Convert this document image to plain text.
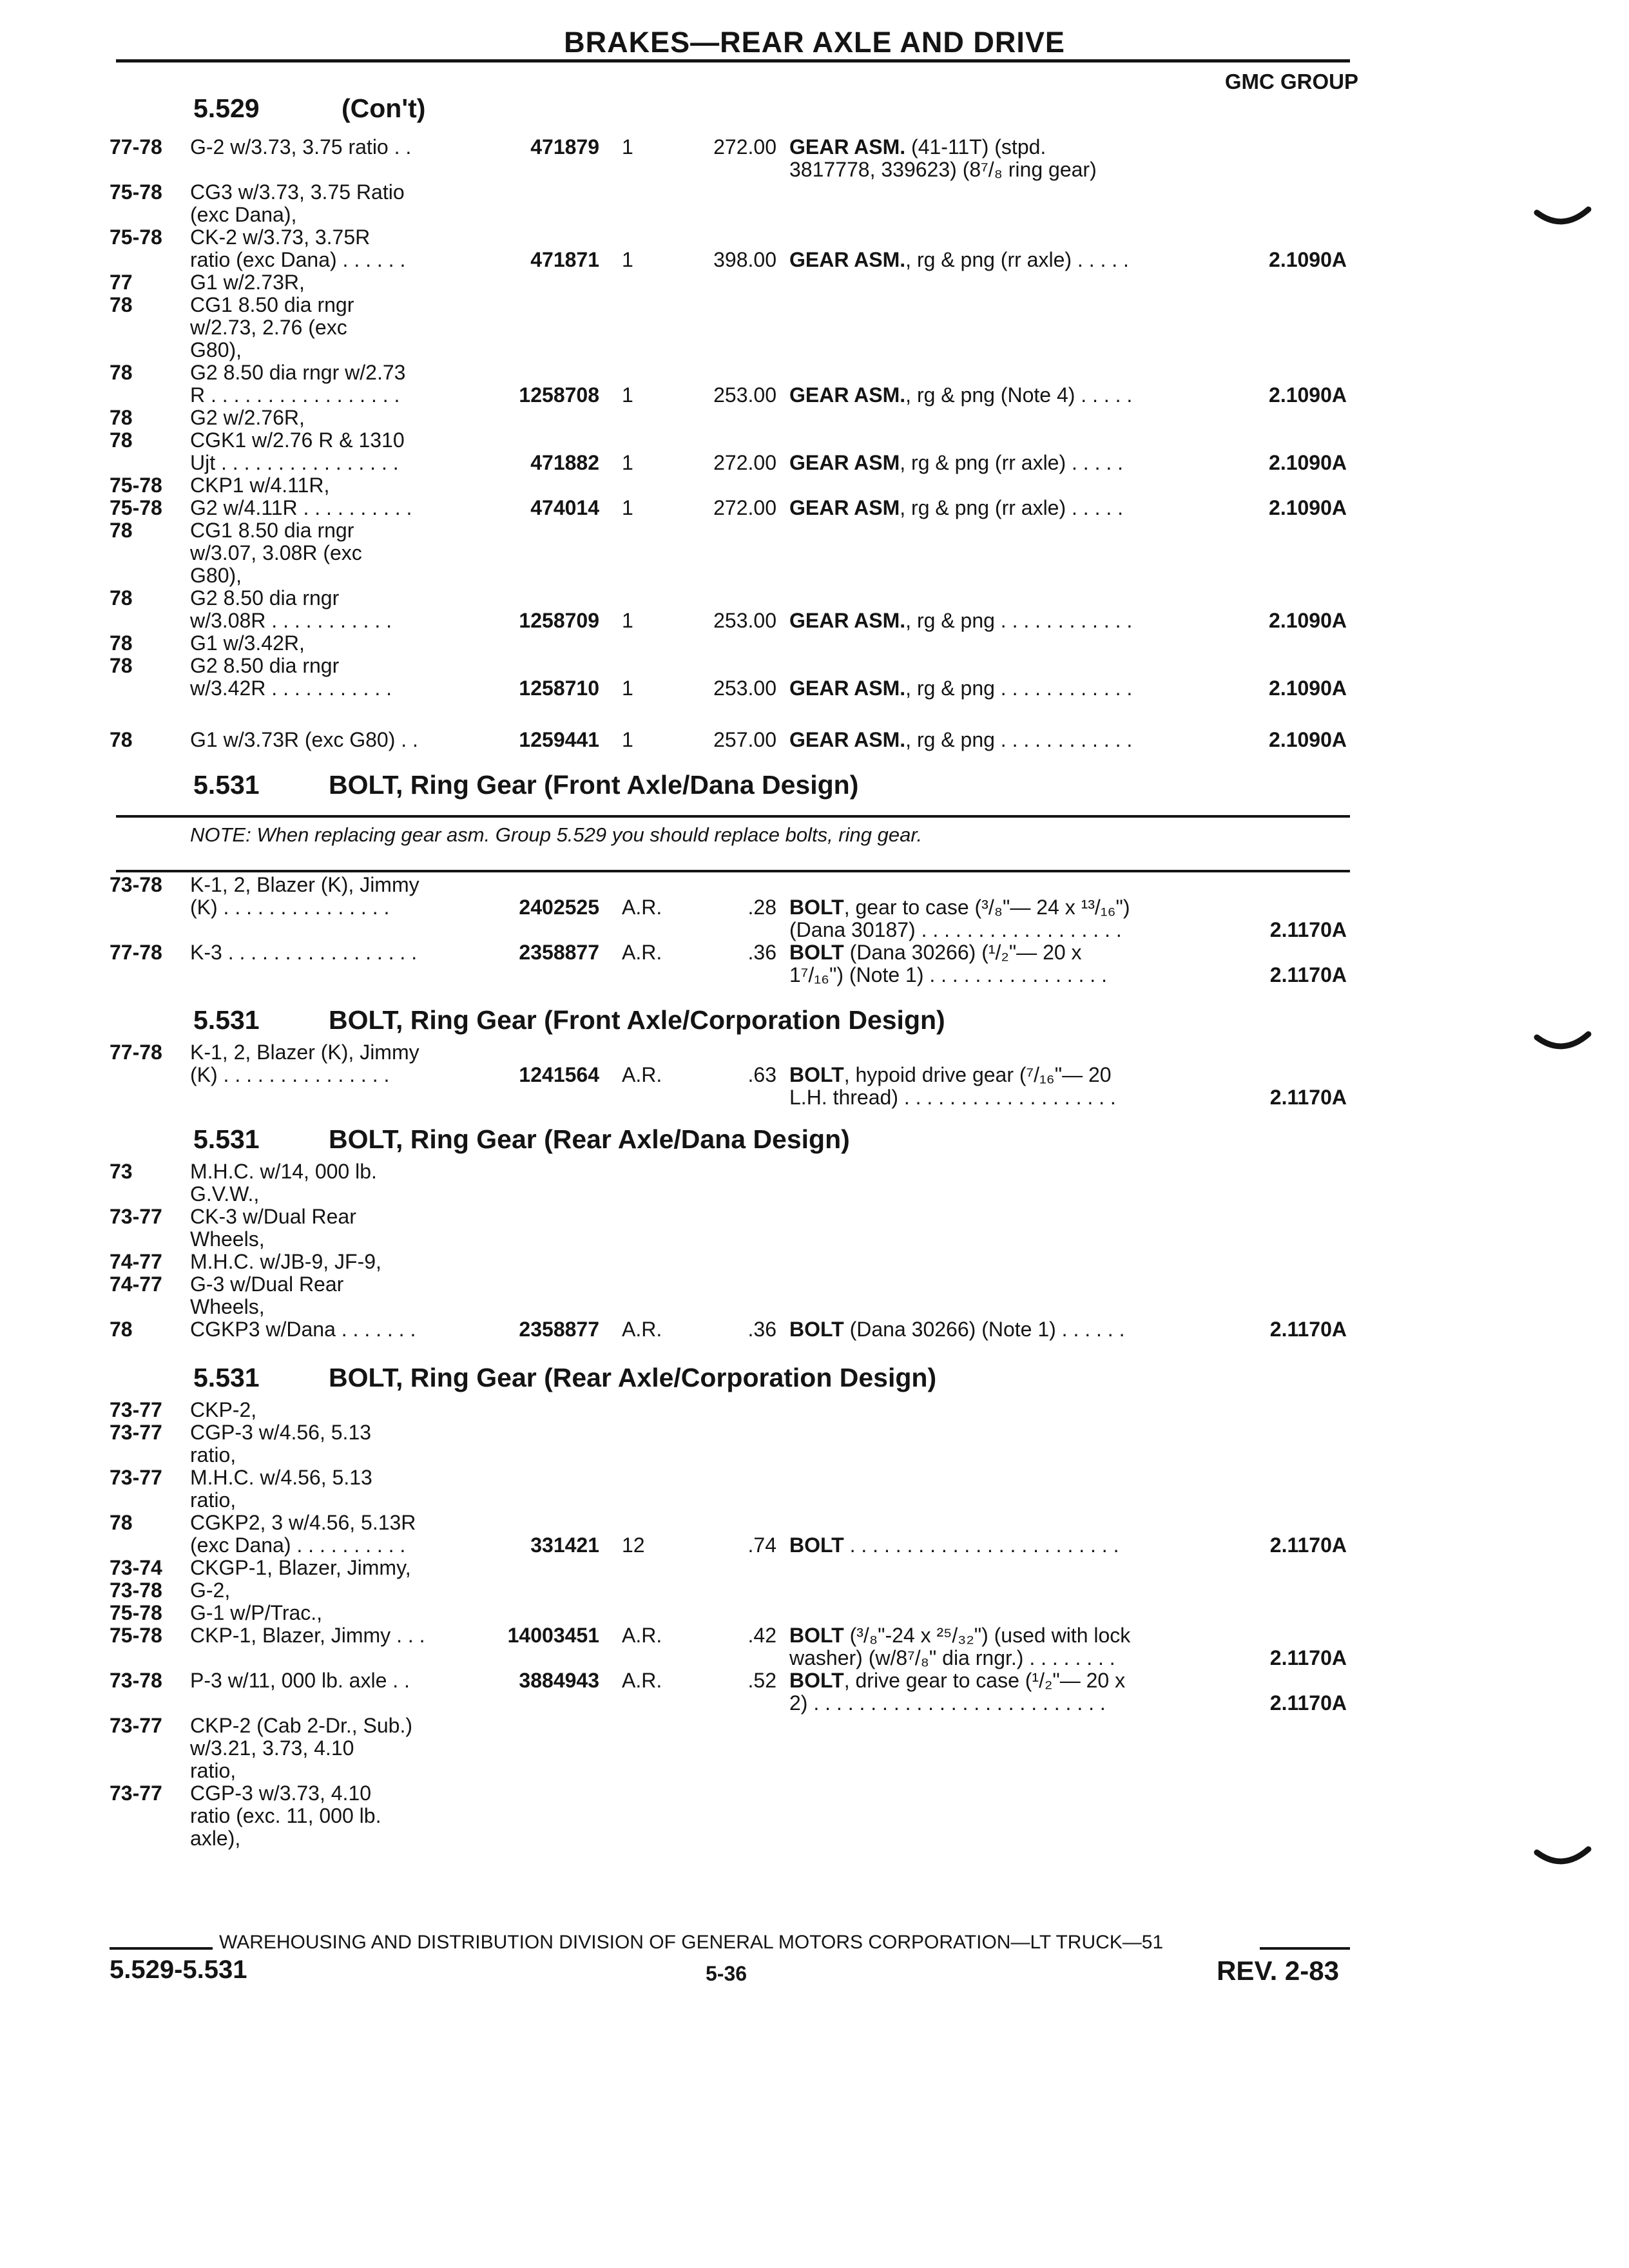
BRAKES—REAR AXLE AND DRIVE
GMC GROUP
5.529	(Con't)
5.531	BOLT, Ring Gear (Front Axle/Dana Design)
NOTE: When replacing gear asm. Group 5.529 you should replace bolts, ring gear.
5.531	BOLT, Ring Gear (Front Axle/Corporation Design)
5.531	BOLT, Ring Gear (Rear Axle/Dana Design)
5.531	BOLT, Ring Gear (Rear Axle/Corporation Design)
77-78 G-2 w/3.73, 3.75 ratio . .	471879 1	272.00 GEAR ASM. (41-11T) (stpd.
3817778, 339623) (8⁷/₈ ring gear)
75-78 CG3 w/3.73, 3.75 Ratio
(exc Dana),
75-78 CK-2 w/3.73, 3.75R
ratio (exc Dana) . . . . . .	471871 1	398.00 GEAR ASM., rg & png (rr axle) . . . . .	2.1090A
77	G1 w/2.73R,
78	CG1 8.50 dia rngr
w/2.73, 2.76 (exc
G80),
78	G2 8.50 dia rngr w/2.73
R . . . . . . . . . . . . . . . . .	1258708 1	253.00 GEAR ASM., rg & png (Note 4) . . . . .	2.1090A
78	G2 w/2.76R,
78	CGK1 w/2.76 R & 1310
Ujt . . . . . . . . . . . . . . . .	471882 1	272.00 GEAR ASM, rg & png (rr axle) . . . . .	2.1090A
75-78 CKP1 w/4.11R,
75-78 G2 w/4.11R . . . . . . . . . .	474014 1	272.00 GEAR ASM, rg & png (rr axle) . . . . .	2.1090A
78	CG1 8.50 dia rngr
w/3.07, 3.08R (exc
G80),
78	G2 8.50 dia rngr
w/3.08R . . . . . . . . . . .	1258709 1	253.00 GEAR ASM., rg & png . . . . . . . . . . . .	2.1090A
78	G1 w/3.42R,
78	G2 8.50 dia rngr
w/3.42R . . . . . . . . . . .	1258710 1	253.00 GEAR ASM., rg & png . . . . . . . . . . . .	2.1090A
78	G1 w/3.73R (exc G80) . .	1259441 1	257.00 GEAR ASM., rg & png . . . . . . . . . . . .	2.1090A
73-78 K-1, 2, Blazer (K), Jimmy
(K) . . . . . . . . . . . . . . .	2402525 A.R.	.28 BOLT, gear to case (³/₈"— 24 x ¹³/₁₆")
(Dana 30187) . . . . . . . . . . . . . . . . . .	2.1170A
77-78 K-3 . . . . . . . . . . . . . . . . .	2358877 A.R.	.36 BOLT (Dana 30266) (¹/₂"— 20 x
1⁷/₁₆") (Note 1) . . . . . . . . . . . . . . . .	2.1170A
77-78 K-1, 2, Blazer (K), Jimmy
(K) . . . . . . . . . . . . . . .	1241564 A.R.	.63 BOLT, hypoid drive gear (⁷/₁₆"— 20
L.H. thread) . . . . . . . . . . . . . . . . . . .	2.1170A
73	M.H.C. w/14, 000 lb.
G.V.W.,
73-77 CK-3 w/Dual Rear
Wheels,
74-77 M.H.C. w/JB-9, JF-9,
74-77 G-3 w/Dual Rear
Wheels,
78	CGKP3 w/Dana . . . . . . .	2358877 A.R.	.36 BOLT (Dana 30266) (Note 1) . . . . . .	2.1170A
73-77 CKP-2,
73-77 CGP-3 w/4.56, 5.13
ratio,
73-77 M.H.C. w/4.56, 5.13
ratio,
78	CGKP2, 3 w/4.56, 5.13R
(exc Dana) . . . . . . . . . .	331421 12	.74 BOLT . . . . . . . . . . . . . . . . . . . . . . . .	2.1170A
73-74 CKGP-1, Blazer, Jimmy,
73-78 G-2,
75-78 G-1 w/P/Trac.,
75-78 CKP-1, Blazer, Jimmy . . .	14003451 A.R.	.42 BOLT (³/₈"-24 x ²⁵/₃₂") (used with lock
washer) (w/8⁷/₈" dia rngr.) . . . . . . . .	2.1170A
73-78 P-3 w/11, 000 lb. axle . .	3884943 A.R.	.52 BOLT, drive gear to case (¹/₂"— 20 x
2) . . . . . . . . . . . . . . . . . . . . . . . . . .	2.1170A
73-77 CKP-2 (Cab 2-Dr., Sub.)
w/3.21, 3.73, 4.10
ratio,
73-77 CGP-3 w/3.73, 4.10
ratio (exc. 11, 000 lb.
axle),
WAREHOUSING AND DISTRIBUTION DIVISION OF GENERAL MOTORS CORPORATION—LT TRUCK—51
5.529-5.531	5-36	REV. 2-83
